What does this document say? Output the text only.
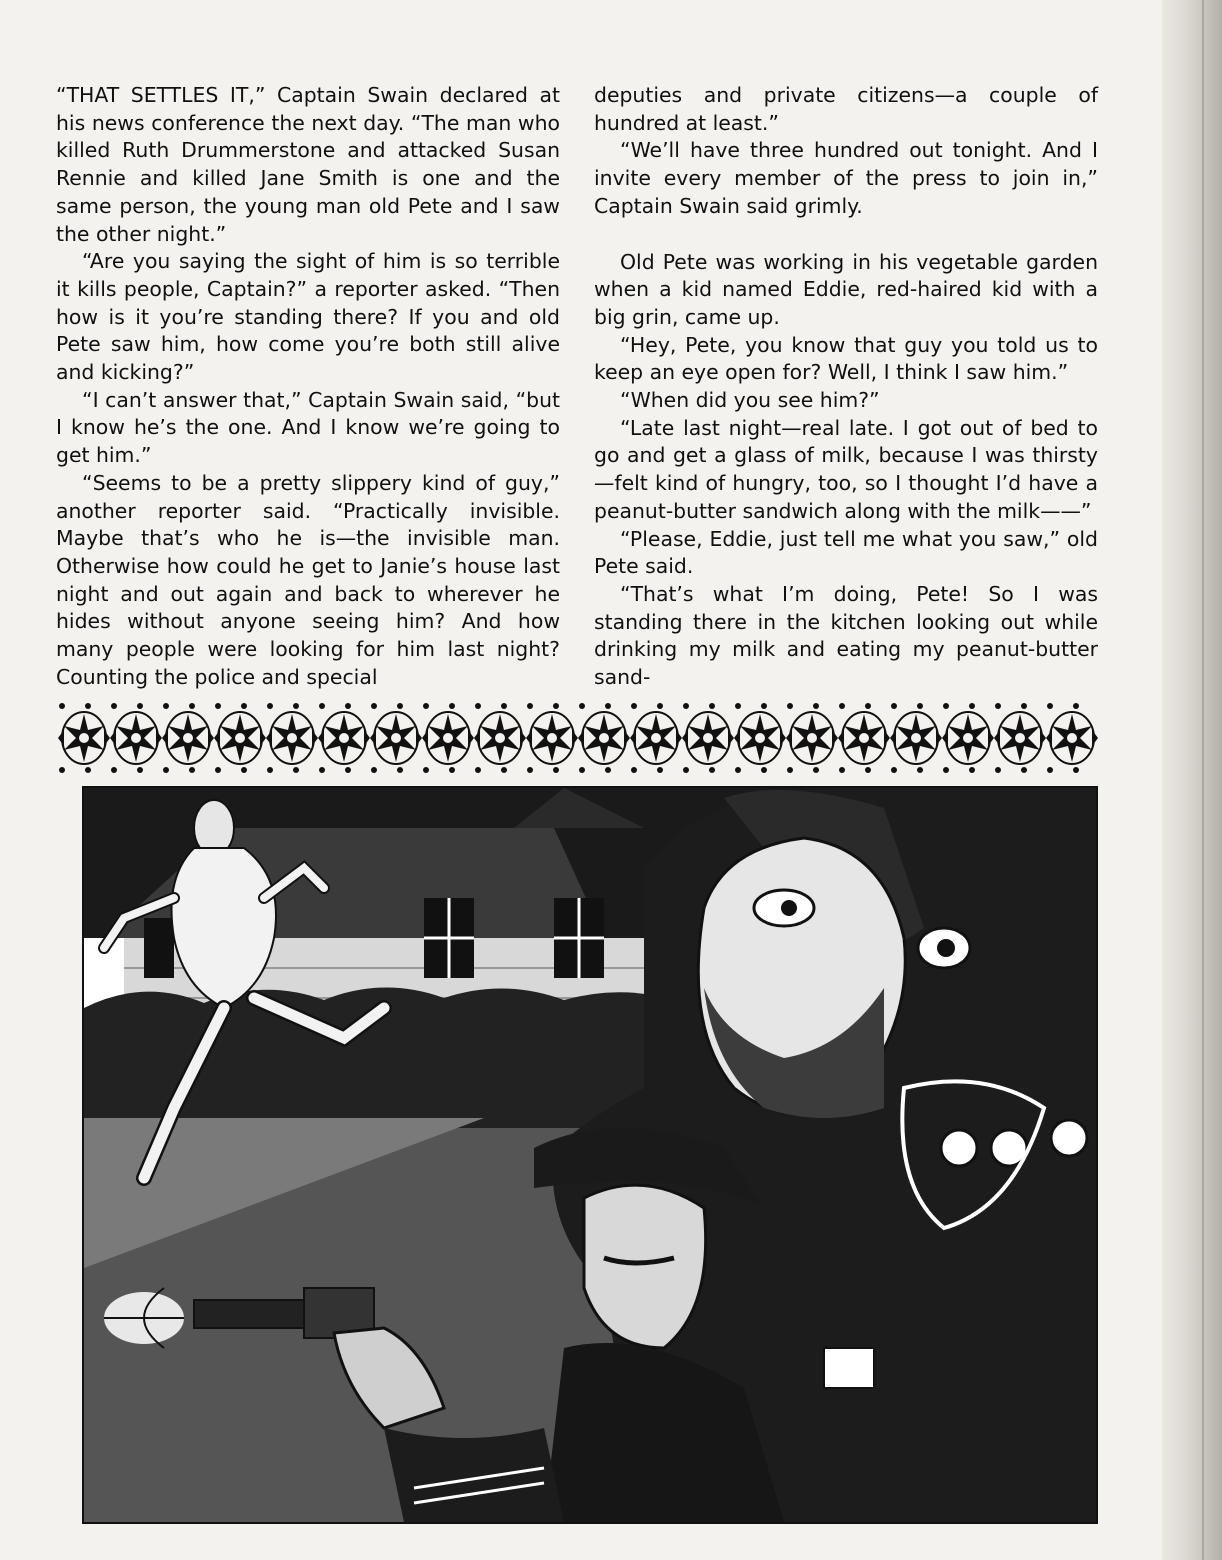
“THAT SETTLES IT,” Captain Swain declared at his news conference the next day. “The man who killed Ruth Drummerstone and attacked Susan Rennie and killed Jane Smith is one and the same person, the young man old Pete and I saw the other night.”

“Are you saying the sight of him is so terrible it kills people, Captain?” a reporter asked. “Then how is it you’re standing there? If you and old Pete saw him, how come you’re both still alive and kicking?”

“I can’t answer that,” Captain Swain said, “but I know he’s the one. And I know we’re going to get him.”

“Seems to be a pretty slippery kind of guy,” another reporter said. “Practically invisible. Maybe that’s who he is—the invisible man. Otherwise how could he get to Janie’s house last night and out again and back to wherever he hides without anyone seeing him? And how many people were looking for him last night? Counting the police and special

deputies and private citizens—a couple of hundred at least.”

“We’ll have three hundred out tonight. And I invite every member of the press to join in,” Captain Swain said grimly.

Old Pete was working in his vegetable garden when a kid named Eddie, red-haired kid with a big grin, came up.

“Hey, Pete, you know that guy you told us to keep an eye open for? Well, I think I saw him.”

“When did you see him?”

“Late last night—real late. I got out of bed to go and get a glass of milk, because I was thirsty—felt kind of hungry, too, so I thought I’d have a peanut-butter sandwich along with the milk——”

“Please, Eddie, just tell me what you saw,” old Pete said.

“That’s what I’m doing, Pete! So I was standing there in the kitchen looking out while drinking my milk and eating my peanut-butter sand-
